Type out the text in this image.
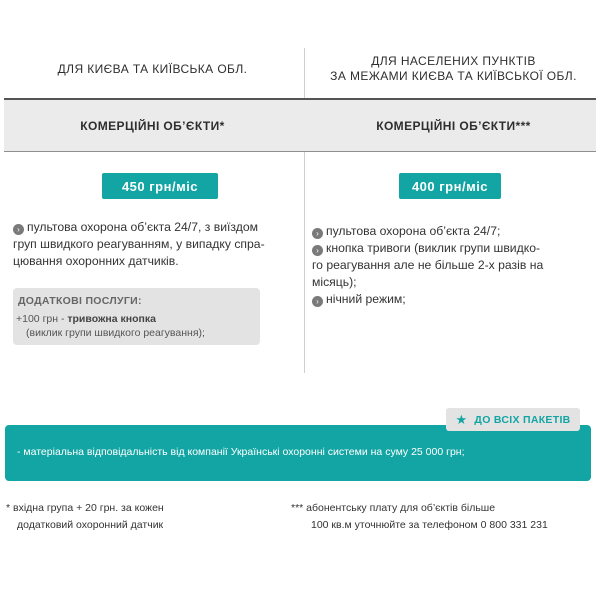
ДЛЯ КИЄВА ТА КИЇВСЬКА ОБЛ.
ДЛЯ НАСЕЛЕНИХ ПУНКТІВ
ЗА МЕЖАМИ КИЄВА ТА КИЇВСЬКОЇ ОБЛ.
КОМЕРЦІЙНІ ОБ’ЄКТИ*	КОМЕРЦІЙНІ ОБ’ЄКТИ***
450 грн/міс	400 грн/міс
› пультова охорона об’єкта 24/7, з виїздом
груп швидкого реагуванням, у випадку спра-
цювання охоронних датчиків.
ДОДАТКОВІ ПОСЛУГИ:
+100 грн - тривожна кнопка
(виклик групи швидкого реагування);
› пультова охорона об’єкта 24/7;
› кнопка тривоги (виклик групи швидко-
го реагування але не більше 2-х разів на
місяць);
› нічний режим;
- матеріальна відповідальність від компанії Українські охоронні системи на суму 25 000 грн;
★ ДО ВСІХ ПАКЕТІВ
* вхідна група + 20 грн. за кожен
додатковий охоронний датчик
*** абонентську плату для об’єктів більше
100 кв.м уточнюйте за телефоном 0 800 331 231
